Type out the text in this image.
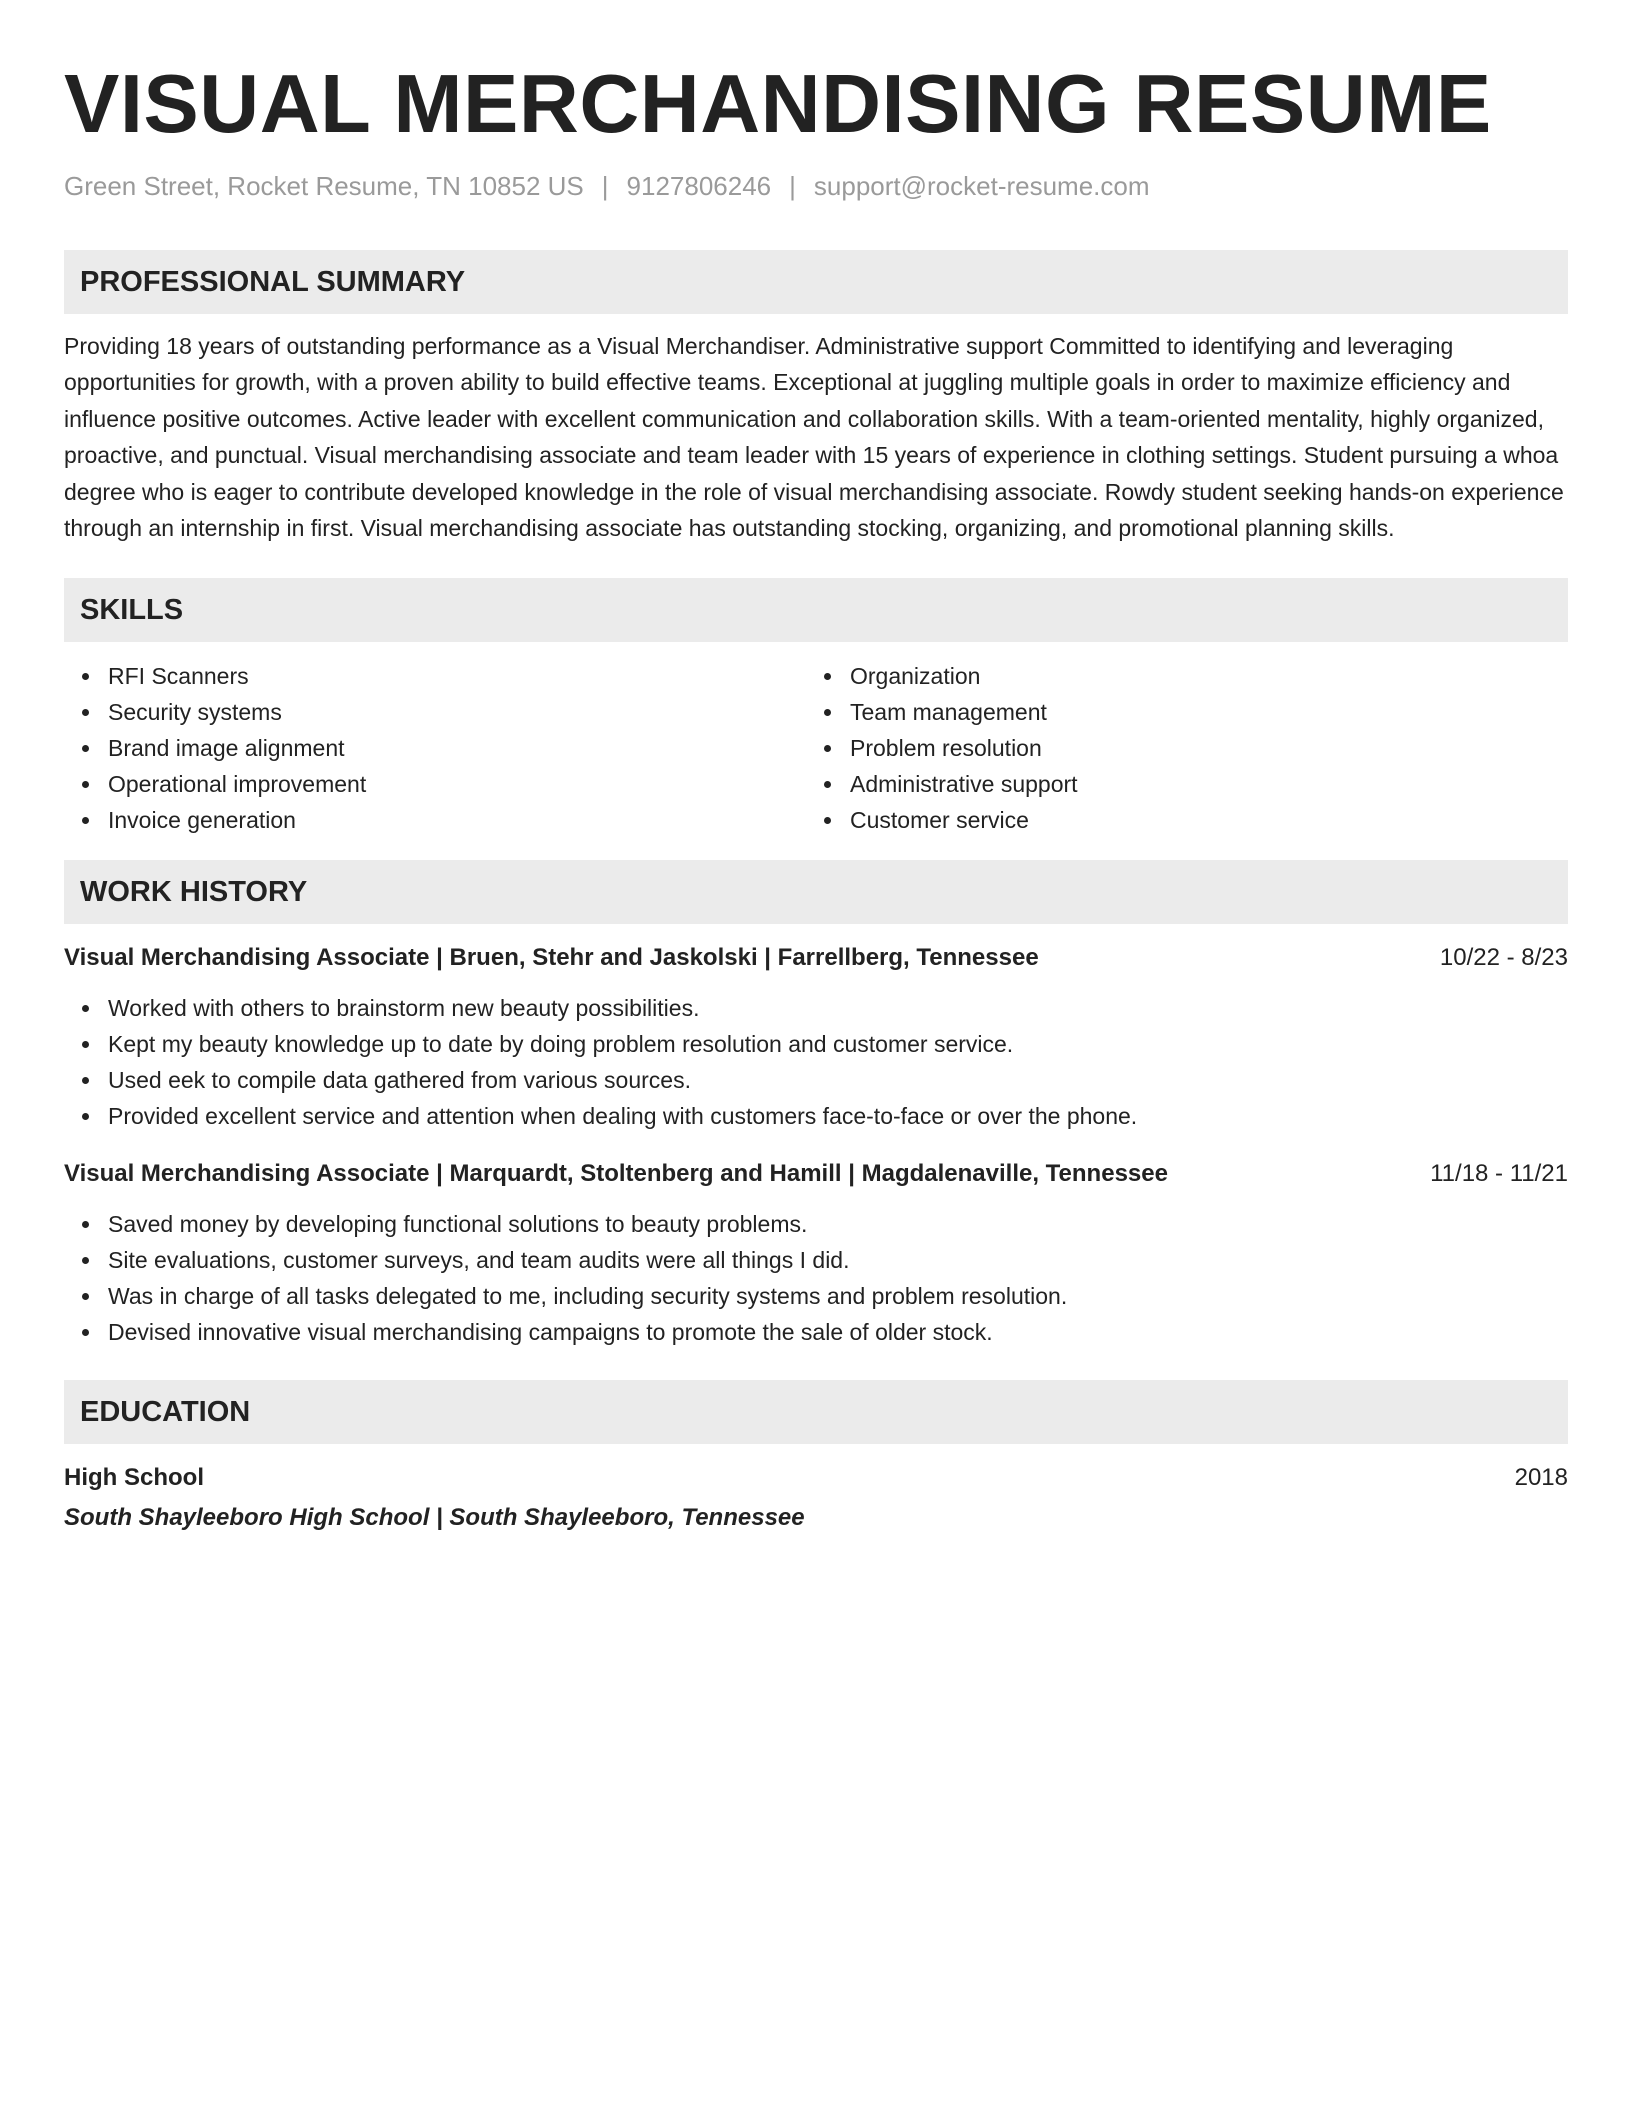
VISUAL MERCHANDISING RESUME
Green Street, Rocket Resume, TN 10852 US | 9127806246 | support@rocket-resume.com
PROFESSIONAL SUMMARY

Providing 18 years of outstanding performance as a Visual Merchandiser. Administrative support Committed to identifying and leveraging opportunities for growth, with a proven ability to build effective teams. Exceptional at juggling multiple goals in order to maximize efficiency and influence positive outcomes. Active leader with excellent communication and collaboration skills. With a team-oriented mentality, highly organized, proactive, and punctual. Visual merchandising associate and team leader with 15 years of experience in clothing settings. Student pursuing a whoa degree who is eager to contribute developed knowledge in the role of visual merchandising associate. Rowdy student seeking hands-on experience through an internship in first. Visual merchandising associate has outstanding stocking, organizing, and promotional planning skills.

SKILLS
RFI Scanners
Security systems
Brand image alignment
Operational improvement
Invoice generation
Organization
Team management
Problem resolution
Administrative support
Customer service
WORK HISTORY
Visual Merchandising Associate | Bruen, Stehr and Jaskolski | Farrellberg, Tennessee	10/22 - 8/23
Worked with others to brainstorm new beauty possibilities.
Kept my beauty knowledge up to date by doing problem resolution and customer service.
Used eek to compile data gathered from various sources.
Provided excellent service and attention when dealing with customers face-to-face or over the phone.
Visual Merchandising Associate | Marquardt, Stoltenberg and Hamill | Magdalenaville, Tennessee	11/18 - 11/21
Saved money by developing functional solutions to beauty problems.
Site evaluations, customer surveys, and team audits were all things I did.
Was in charge of all tasks delegated to me, including security systems and problem resolution.
Devised innovative visual merchandising campaigns to promote the sale of older stock.
EDUCATION
High School	2018
South Shayleeboro High School | South Shayleeboro, Tennessee
